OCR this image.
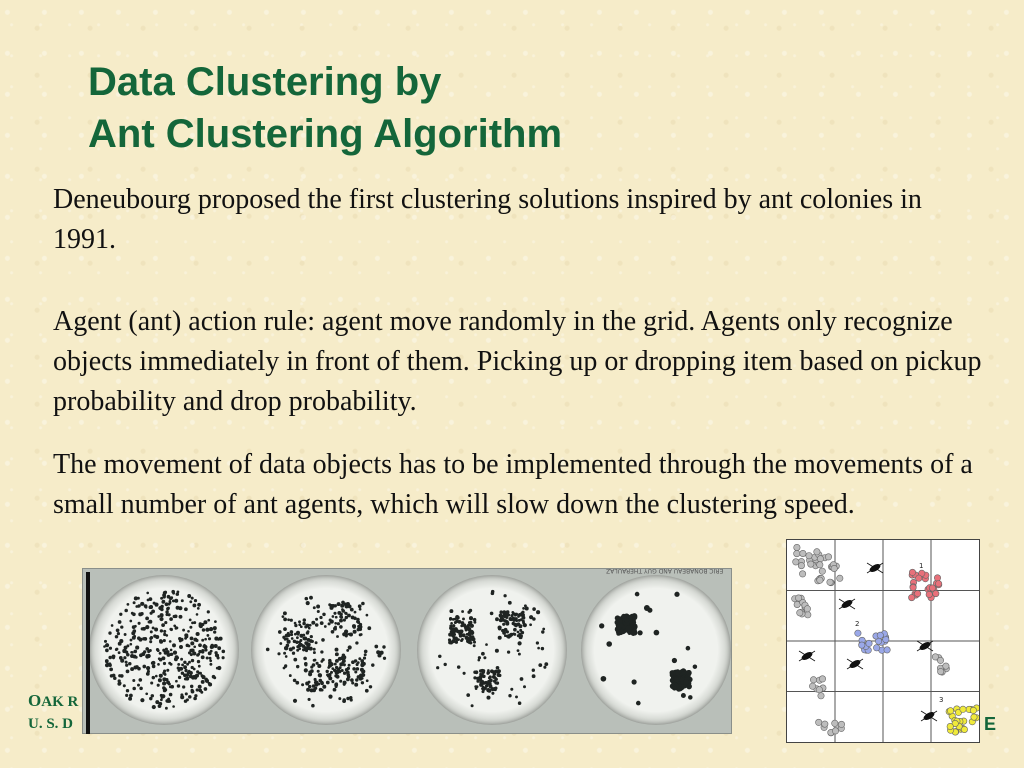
Data Clustering by
Ant Clustering Algorithm

Deneubourg proposed the first clustering solutions inspired by ant colonies in 1991.

Agent (ant) action rule: agent move randomly in the grid. Agents only recognize objects immediately in front of them. Picking up or dropping item based on pickup probability and drop probability.

The movement of data objects has to be implemented through the movements of a small number of ant agents, which will slow down the clustering speed.

ERIC BONABEAU AND GUY THERAULAZ
1
2
3
OAK R
U. S. D	E
